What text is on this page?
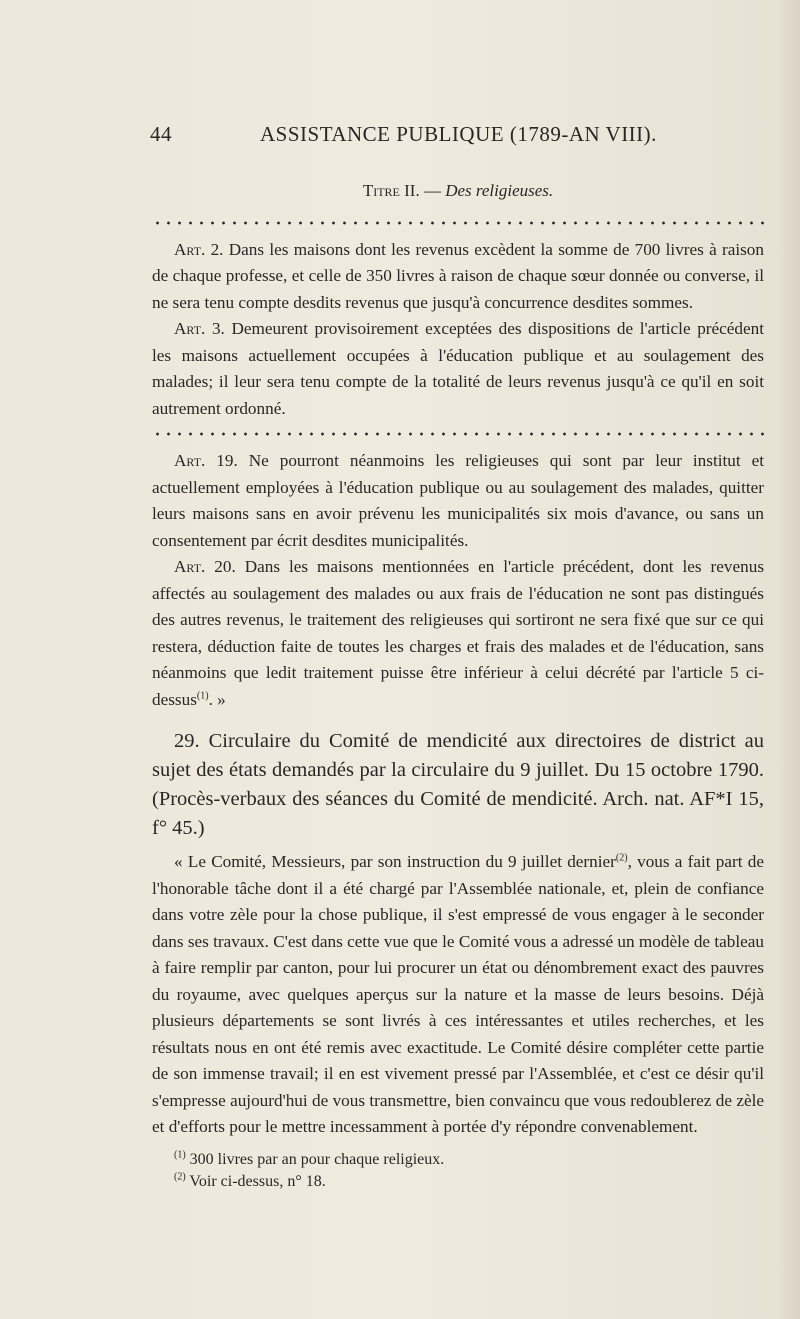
44	ASSISTANCE PUBLIQUE (1789-AN VIII).
Titre II. — Des religieuses.

Art. 2. Dans les maisons dont les revenus excèdent la somme de 700 livres à raison de chaque professe, et celle de 350 livres à raison de chaque sœur donnée ou converse, il ne sera tenu compte desdits revenus que jusqu'à concurrence desdites sommes.

Art. 3. Demeurent provisoirement exceptées des dispositions de l'article précédent les maisons actuellement occupées à l'éducation publique et au soulagement des malades; il leur sera tenu compte de la totalité de leurs revenus jusqu'à ce qu'il en soit autrement ordonné.

Art. 19. Ne pourront néanmoins les religieuses qui sont par leur institut et actuellement employées à l'éducation publique ou au soulagement des malades, quitter leurs maisons sans en avoir prévenu les municipalités six mois d'avance, ou sans un consentement par écrit desdites municipalités.

Art. 20. Dans les maisons mentionnées en l'article précédent, dont les revenus affectés au soulagement des malades ou aux frais de l'éducation ne sont pas distingués des autres revenus, le traitement des religieuses qui sortiront ne sera fixé que sur ce qui restera, déduction faite de toutes les charges et frais des malades et de l'éducation, sans néanmoins que ledit traitement puisse être inférieur à celui décrété par l'article 5 ci-dessus$^{(1)}$. »

29. Circulaire du Comité de mendicité aux directoires de district au sujet des états demandés par la circulaire du 9 juillet. Du 15 octobre 1790. (Procès-verbaux des séances du Comité de mendicité. Arch. nat. AF*I 15, f° 45.)

« Le Comité, Messieurs, par son instruction du 9 juillet dernier$^{(2)}$, vous a fait part de l'honorable tâche dont il a été chargé par l'Assemblée nationale, et, plein de confiance dans votre zèle pour la chose publique, il s'est empressé de vous engager à le seconder dans ses travaux. C'est dans cette vue que le Comité vous a adressé un modèle de tableau à faire remplir par canton, pour lui procurer un état ou dénombrement exact des pauvres du royaume, avec quelques aperçus sur la nature et la masse de leurs besoins. Déjà plusieurs départements se sont livrés à ces intéressantes et utiles recherches, et les résultats nous en ont été remis avec exactitude. Le Comité désire compléter cette partie de son immense travail; il en est vivement pressé par l'Assemblée, et c'est ce désir qu'il s'empresse aujourd'hui de vous transmettre, bien convaincu que vous redoublerez de zèle et d'efforts pour le mettre incessamment à portée d'y répondre convenablement.

$^{(1)}$ 300 livres par an pour chaque religieux.
$^{(2)}$ Voir ci-dessus, n° 18.
